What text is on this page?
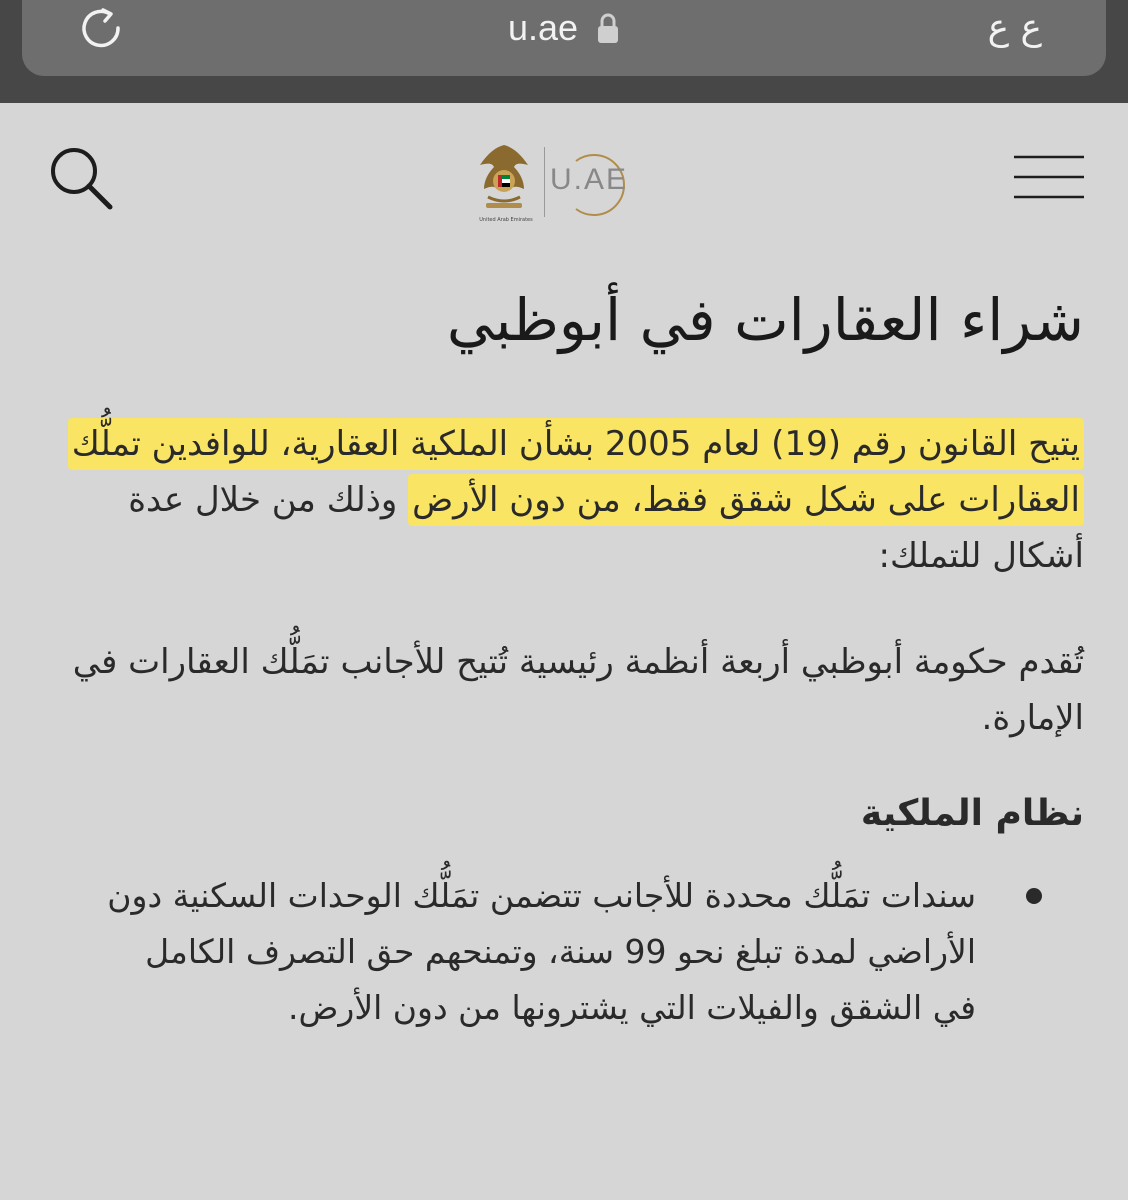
u.ae	ع ع
United Arab Emirates
U.AE
شراء العقارات في أبوظبي

يتيح القانون رقم (19) لعام 2005 بشأن الملكية العقارية، للوافدين تملُّك العقارات على شكل شقق فقط، من دون الأرض وذلك من خلال عدة أشكال للتملك:

تُقدم حكومة أبوظبي أربعة أنظمة رئيسية تُتيح للأجانب تمَلُّك العقارات في الإمارة.

نظام الملكية
سندات تمَلُّك محددة للأجانب تتضمن تمَلُّك الوحدات السكنية دون الأراضي لمدة تبلغ نحو 99 سنة، وتمنحهم حق التصرف الكامل في الشقق والفيلات التي يشترونها من دون الأرض.
